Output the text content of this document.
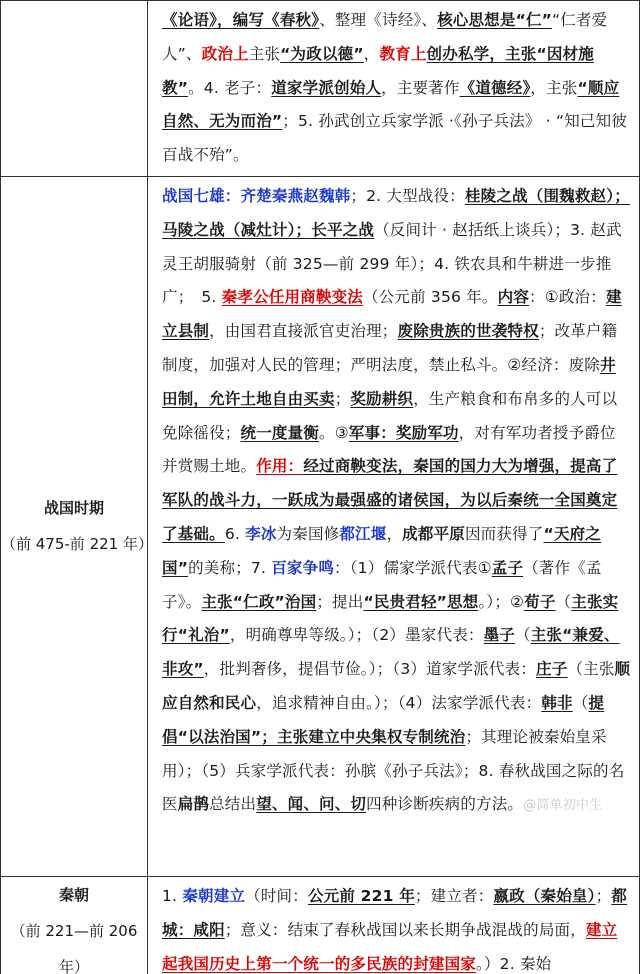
	《论语》，编写《春秋》、整理《诗经》、核心思想是“仁”“仁者爱人”、政治上主张“为政以德”，教育上创办私学，主张“因材施教”。4. 老子：道家学派创始人，主要著作《道德经》，主张“顺应自然、无为而治”；5. 孙武创立兵家学派 ·《孙子兵法》 · “知己知彼百战不殆”。

战国时期
（前 475-前 221 年）	战国七雄：齐楚秦燕赵魏韩；2. 大型战役：桂陵之战（围魏救赵）；马陵之战（减灶计）；长平之战（反间计 · 赵括纸上谈兵）；3. 赵武灵王胡服骑射（前 325—前 299 年）；4. 铁农具和牛耕进一步推广；　5. 秦孝公任用商鞅变法（公元前 356 年。内容：①政治：建立县制，由国君直接派官吏治理；废除贵族的世袭特权；改革户籍制度，加强对人民的管理；严明法度，禁止私斗。②经济：废除井田制，允许土地自由买卖；奖励耕织，生产粮食和布帛多的人可以免除徭役；统一度量衡。③军事：奖励军功，对有军功者授予爵位并赏赐土地。作用：经过商鞅变法，秦国的国力大为增强，提高了军队的战斗力，一跃成为最强盛的诸侯国，为以后秦统一全国奠定了基础。6. 李冰为秦国修都江堰，成都平原因而获得了“天府之国”的美称；7. 百家争鸣：（1）儒家学派代表①孟子（著作《孟子》。主张“仁政”治国；提出“民贵君轻”思想。）；②荀子（主张实行“礼治”，明确尊卑等级。）；（2）墨家代表：墨子（主张“兼爱、非攻”，批判奢侈，提倡节俭。）；（3）道家学派代表：庄子（主张顺应自然和民心，追求精神自由。）；（4）法家学派代表：韩非（提倡“以法治国”；主张建立中央集权专制统治；其理论被秦始皇采用）；（5）兵家学派代表：孙膑《孙子兵法》；8. 春秋战国之际的名医扁鹊总结出望、闻、问、切四种诊断疾病的方法。@简单初中生

秦朝
（前 221—前 206 年）	1. 秦朝建立（时间：公元前 221 年；建立者：嬴政（秦始皇）；都城：咸阳；意义：结束了春秋战国以来长期争战混战的局面，建立起我国历史上第一个统一的多民族的封建国家。）2. 秦始
